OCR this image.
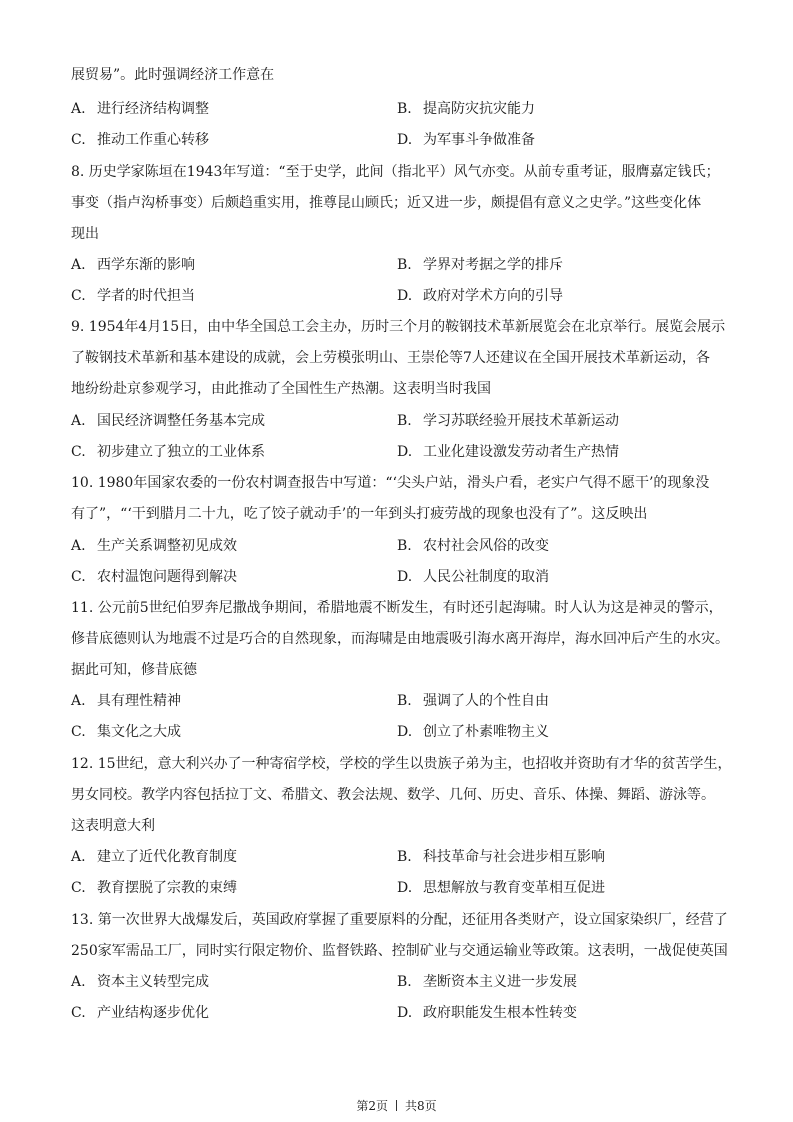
展贸易”。此时强调经济工作意在
A. 进行经济结构调整	B. 提高防灾抗灾能力
C. 推动工作重心转移	D. 为军事斗争做准备
8. 历史学家陈垣在1943年写道：“至于史学，此间（指北平）风气亦变。从前专重考证，服膺嘉定钱氏；
事变（指卢沟桥事变）后颇趋重实用，推尊昆山顾氏；近又进一步，颇提倡有意义之史学。”这些变化体
现出
A. 西学东渐的影响	B. 学界对考据之学的排斥
C. 学者的时代担当	D. 政府对学术方向的引导
9. 1954年4月15日，由中华全国总工会主办，历时三个月的鞍钢技术革新展览会在北京举行。展览会展示
了鞍钢技术革新和基本建设的成就，会上劳模张明山、王崇伦等7人还建议在全国开展技术革新运动，各
地纷纷赴京参观学习，由此推动了全国性生产热潮。这表明当时我国
A. 国民经济调整任务基本完成	B. 学习苏联经验开展技术革新运动
C. 初步建立了独立的工业体系	D. 工业化建设激发劳动者生产热情
10. 1980年国家农委的一份农村调查报告中写道：“‘尖头户站，滑头户看，老实户气得不愿干’的现象没
有了”，“‘干到腊月二十九，吃了饺子就动手’的一年到头打疲劳战的现象也没有了”。这反映出
A. 生产关系调整初见成效	B. 农村社会风俗的改变
C. 农村温饱问题得到解决	D. 人民公社制度的取消
11. 公元前5世纪伯罗奔尼撒战争期间，希腊地震不断发生，有时还引起海啸。时人认为这是神灵的警示，
修昔底德则认为地震不过是巧合的自然现象，而海啸是由地震吸引海水离开海岸，海水回冲后产生的水灾。
据此可知，修昔底德
A. 具有理性精神	B. 强调了人的个性自由
C. 集文化之大成	D. 创立了朴素唯物主义
12. 15世纪，意大利兴办了一种寄宿学校，学校的学生以贵族子弟为主，也招收并资助有才华的贫苦学生，
男女同校。教学内容包括拉丁文、希腊文、教会法规、数学、几何、历史、音乐、体操、舞蹈、游泳等。
这表明意大利
A. 建立了近代化教育制度	B. 科技革命与社会进步相互影响
C. 教育摆脱了宗教的束缚	D. 思想解放与教育变革相互促进
13. 第一次世界大战爆发后，英国政府掌握了重要原料的分配，还征用各类财产，设立国家染织厂，经营了
250家军需品工厂，同时实行限定物价、监督铁路、控制矿业与交通运输业等政策。这表明，一战促使英国
A. 资本主义转型完成	B. 垄断资本主义进一步发展
C. 产业结构逐步优化	D. 政府职能发生根本性转变
第2页 共8页
